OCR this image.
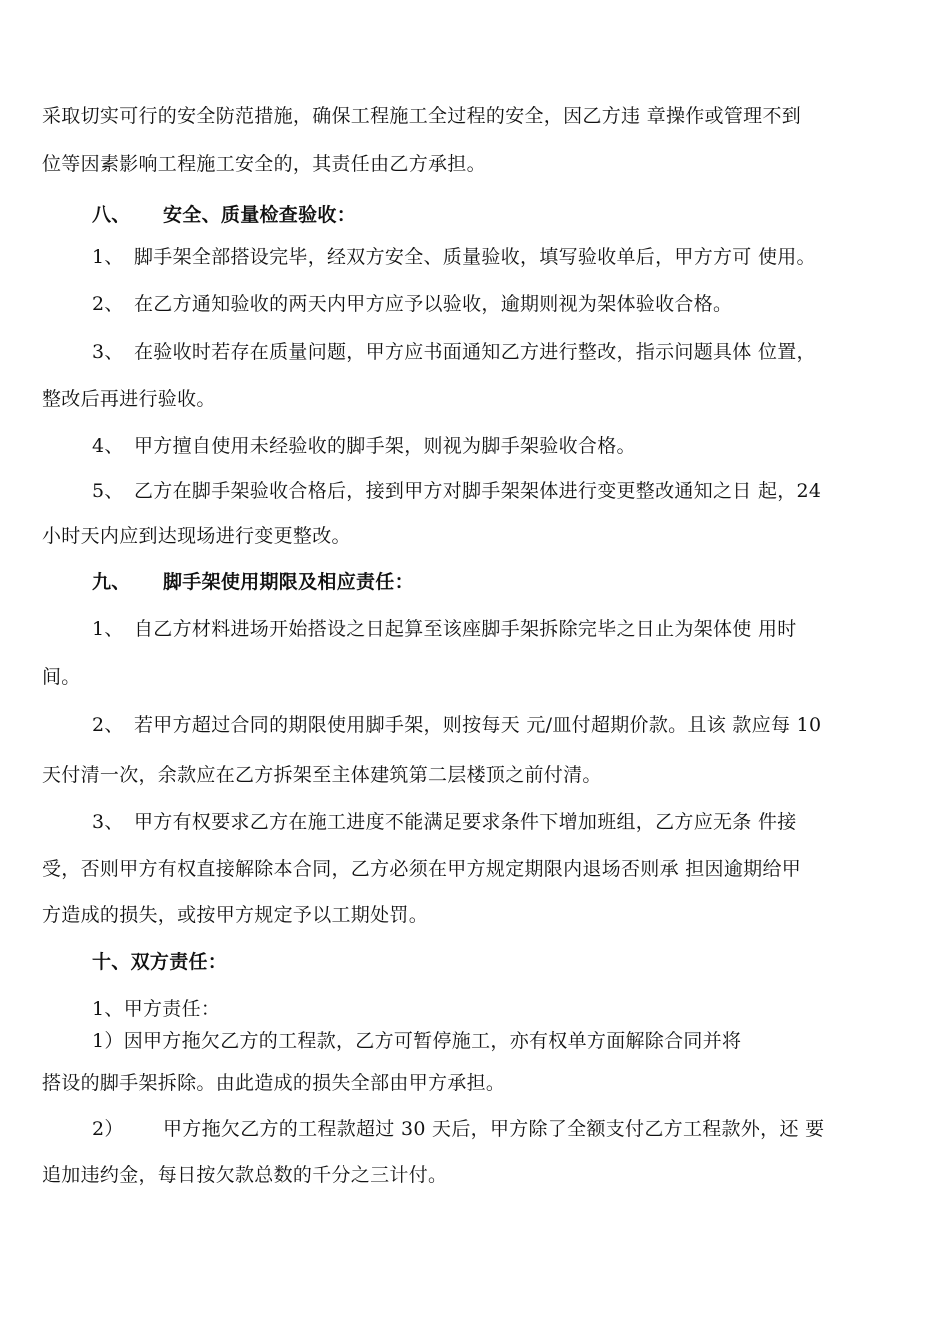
采取切实可行的安全防范措施，确保工程施工全过程的安全，因乙方违 章操作或管理不到
位等因素影响工程施工安全的，其责任由乙方承担。
八、 安全、质量检查验收：
1、 脚手架全部搭设完毕，经双方安全、质量验收，填写验收单后，甲方方可 使用。
2、 在乙方通知验收的两天内甲方应予以验收，逾期则视为架体验收合格。
3、 在验收时若存在质量问题，甲方应书面通知乙方进行整改，指示问题具体 位置，
整改后再进行验收。
4、 甲方擅自使用未经验收的脚手架，则视为脚手架验收合格。
5、 乙方在脚手架验收合格后，接到甲方对脚手架架体进行变更整改通知之日 起，24
小时天内应到达现场进行变更整改。
九、 脚手架使用期限及相应责任：
1、 自乙方材料进场开始搭设之日起算至该座脚手架拆除完毕之日止为架体使 用时
间。
2、 若甲方超过合同的期限使用脚手架，则按每天 元/皿付超期价款。且该 款应每 10
天付清一次，余款应在乙方拆架至主体建筑第二层楼顶之前付清。
3、 甲方有权要求乙方在施工进度不能满足要求条件下增加班组，乙方应无条 件接
受，否则甲方有权直接解除本合同，乙方必须在甲方规定期限内退场否则承 担因逾期给甲
方造成的损失，或按甲方规定予以工期处罚。
十、双方责任：
1、甲方责任：
1）因甲方拖欠乙方的工程款，乙方可暂停施工，亦有权单方面解除合同并将
搭设的脚手架拆除。由此造成的损失全部由甲方承担。
2） 甲方拖欠乙方的工程款超过 30 天后，甲方除了全额支付乙方工程款外，还 要
追加违约金，每日按欠款总数的千分之三计付。
